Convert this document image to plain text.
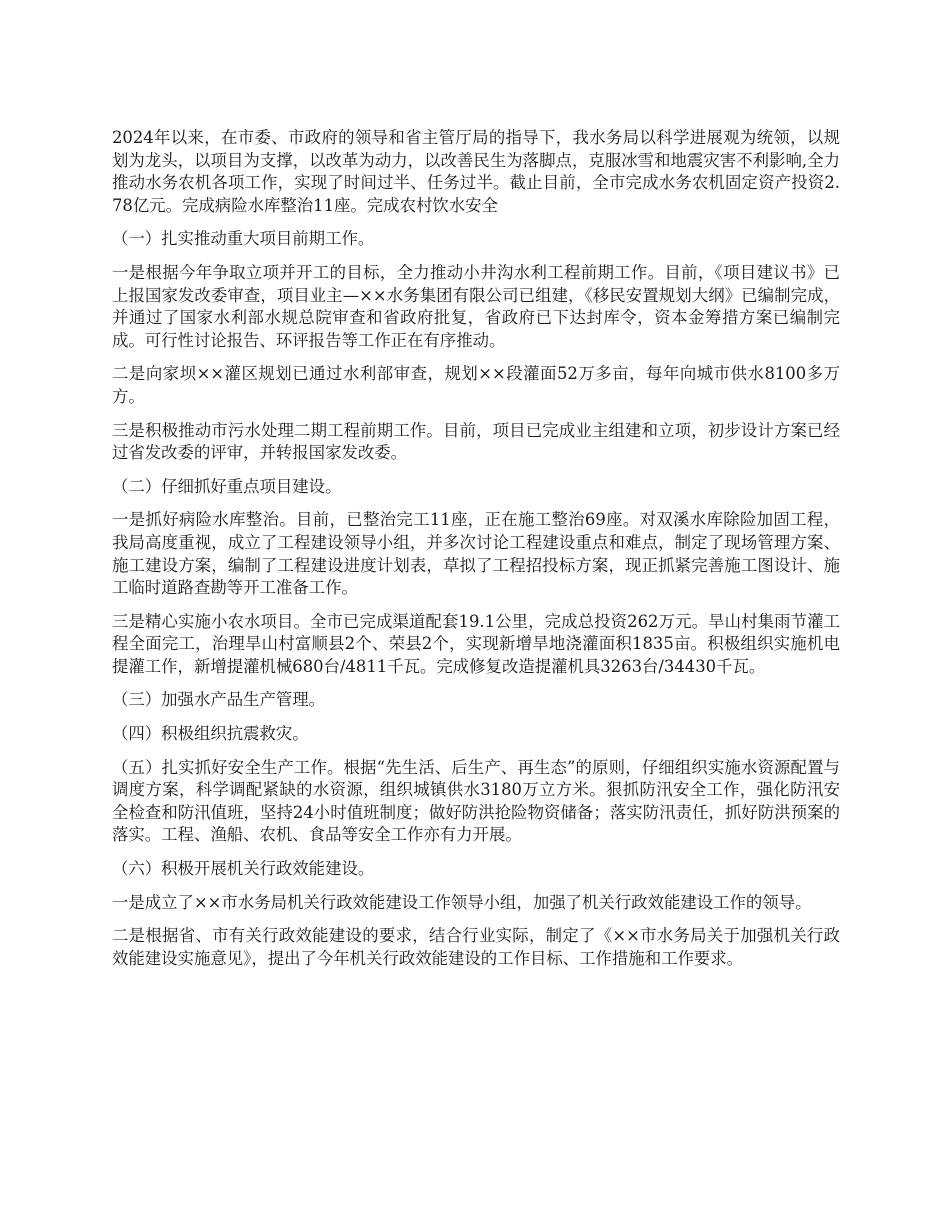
2024年以来，在市委、市政府的领导和省主管厅局的指导下，我水务局以科学进展观为统领，以规划为龙头，以项目为支撑，以改革为动力，以改善民生为落脚点，克服冰雪和地震灾害不利影响,全力推动水务农机各项工作，实现了时间过半、任务过半。截止目前，全市完成水务农机固定资产投资2.78亿元。完成病险水库整治11座。完成农村饮水安全

（一）扎实推动重大项目前期工作。

一是根据今年争取立项并开工的目标，全力推动小井沟水利工程前期工作。目前，《项目建议书》已上报国家发改委审查，项目业主—××水务集团有限公司已组建，《移民安置规划大纲》已编制完成，并通过了国家水利部水规总院审查和省政府批复，省政府已下达封库令，资本金筹措方案已编制完成。可行性讨论报告、环评报告等工作正在有序推动。

二是向家坝××灌区规划已通过水利部审查，规划××段灌面52万多亩，每年向城市供水8100多万方。

三是积极推动市污水处理二期工程前期工作。目前，项目已完成业主组建和立项，初步设计方案已经过省发改委的评审，并转报国家发改委。

（二）仔细抓好重点项目建设。

一是抓好病险水库整治。目前，已整治完工11座，正在施工整治69座。对双溪水库除险加固工程，我局高度重视，成立了工程建设领导小组，并多次讨论工程建设重点和难点，制定了现场管理方案、施工建设方案，编制了工程建设进度计划表，草拟了工程招投标方案，现正抓紧完善施工图设计、施工临时道路查勘等开工准备工作。

三是精心实施小农水项目。全市已完成渠道配套19.1公里，完成总投资262万元。旱山村集雨节灌工程全面完工，治理旱山村富顺县2个、荣县2个，实现新增旱地浇灌面积1835亩。积极组织实施机电提灌工作，新增提灌机械680台/4811千瓦。完成修复改造提灌机具3263台/34430千瓦。

（三）加强水产品生产管理。

（四）积极组织抗震救灾。

（五）扎实抓好安全生产工作。根据“先生活、后生产、再生态”的原则，仔细组织实施水资源配置与调度方案，科学调配紧缺的水资源，组织城镇供水3180万立方米。狠抓防汛安全工作，强化防汛安全检查和防汛值班，坚持24小时值班制度；做好防洪抢险物资储备；落实防汛责任，抓好防洪预案的落实。工程、渔船、农机、食品等安全工作亦有力开展。

（六）积极开展机关行政效能建设。

一是成立了××市水务局机关行政效能建设工作领导小组，加强了机关行政效能建设工作的领导。

二是根据省、市有关行政效能建设的要求，结合行业实际，制定了《××市水务局关于加强机关行政效能建设实施意见》，提出了今年机关行政效能建设的工作目标、工作措施和工作要求。
